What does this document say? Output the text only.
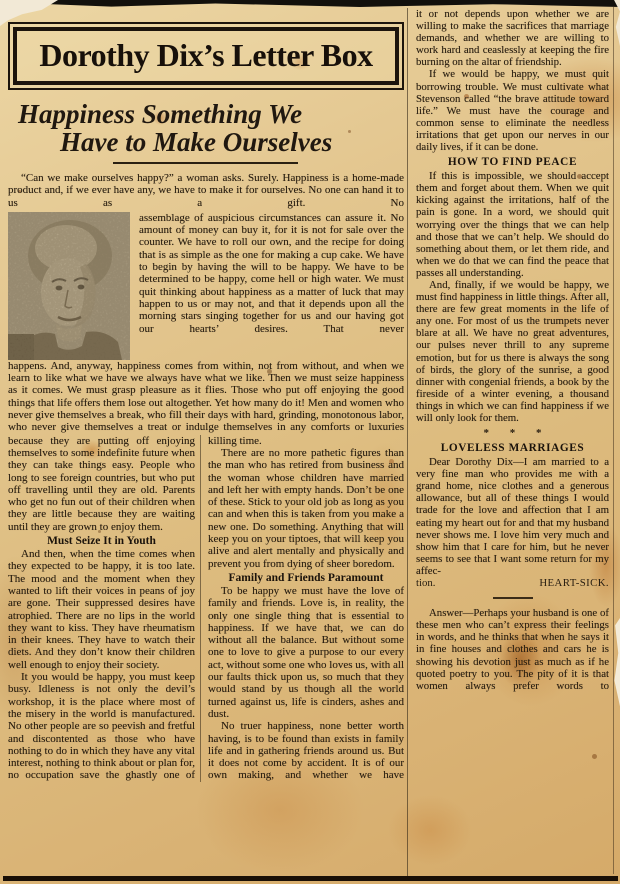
Dorothy Dix’s Letter Box
Happiness Something We
Have to Make Ourselves
“Can we make ourselves happy?” a woman asks. Surely. Happiness is a home-made product and, if we ever have any, we have to make it for ourselves. No one can hand it to us as a gift. No
assemblage of auspicious circumstances can assure it. No amount of money can buy it, for it is not for sale over the counter. We have to roll our own, and the recipe for doing that is as simple as the one for making a cup cake. We have to begin by having the will to be happy. We have to be determined to be happy, come hell or high water. We must quit thinking about happiness as a matter of luck that may happen to us or may not, and that it depends upon all the morning stars singing together for us and our having got our hearts’ desires. That never
happens. And, anyway, happiness comes from within, not from without, and when we learn to like what we have we always have what we like. Then we must seize happiness as it comes. We must grasp pleasure as it flies. Those who put off enjoying the good things that life offers them lose out altogether. Yet how many do it! Men and women who never give themselves a break, who fill their days with hard, grinding, monotonous labor, who never give themselves a treat or indulge themselves in any comforts or luxuries
because they are putting off enjoying themselves to some indefinite future when they can take things easy. People who long to see foreign countries, but who put off travelling until they are old. Parents who get no fun out of their children when they are little because they are waiting until they are grown to enjoy them.
Must Seize It in Youth
And then, when the time comes when they expected to be happy, it is too late. The mood and the moment when they wanted to lift their voices in peans of joy are gone. Their suppressed desires have atrophied. There are no lips in the world they want to kiss. They have rheumatism in their knees. They have to watch their diets. And they don’t know their children well enough to enjoy their society.
It you would be happy, you must keep busy. Idleness is not only the devil’s workshop, it is the place where most of the misery in the world is manufactured. No other people are so peevish and fretful and discontented as those who have nothing to do in which they have any vital interest, nothing to think about or plan for, no occupation save the ghastly one of
killing time.
There are no more pathetic figures than the man who has retired from business and the woman whose children have married and left her with empty hands. Don’t be one of these. Stick to your old job as long as you can and when this is taken from you make a new one. Do something. Anything that will keep you on your tiptoes, that will keep you alive and alert mentally and physically and prevent you from dying of sheer boredom.
Family and Friends Paramount
To be happy we must have the love of family and friends. Love is, in reality, the only one single thing that is essential to happiness. If we have that, we can do without all the balance. But without some one to love to give a purpose to our every act, without some one who loves us, with all our faults thick upon us, so much that they would stand by us though all the world turned against us, life is cinders, ashes and dust.
No truer happiness, none better worth having, is to be found than exists in family life and in gathering friends around us. But it does not come by accident. It is of our own making, and whether we have
it or not depends upon whether we are willing to make the sacrifices that marriage demands, and whether we are willing to work hard and ceaslessly at keeping the fire burning on the altar of friendship.
If we would be happy, we must quit borrowing trouble. We must cultivate what Stevenson called “the brave attitude toward life.” We must have the courage and common sense to eliminate the needless irritations that get upon our nerves in our daily lives, if it can be done.
HOW TO FIND PEACE
If this is impossible, we should accept them and forget about them. When we quit kicking against the irritations, half of the pain is gone. In a word, we should quit worrying over the things that we can help and those that we can’t help. We should do something about them, or let them ride, and when we do that we can find the peace that passes all understanding.
And, finally, if we would be happy, we must find happiness in little things. After all, there are few great moments in the life of any one. For most of us the trumpets never blare at all. We have no great adventures, our pulses never thrill to any supreme emotion, but for us there is always the song of birds, the glory of the sunrise, a good dinner with congenial friends, a book by the fireside of a winter evening, a thousand things in which we can find happiness if we will only look for them.
* * *
LOVELESS MARRIAGES
Dear Dorothy Dix—I am married to a very fine man who provides me with a grand home, nice clothes and a generous allowance, but all of these things I would trade for the love and affection that I am eating my heart out for and that my husband never shows me. I love him very much and show him that I care for him, but he never seems to see that I want some return for my affec-
tion.	HEART-SICK.
Answer—Perhaps your husband is one of these men who can’t express their feelings in words, and he thinks that when he says it in fine houses and clothes and cars he is showing his devotion just as much as if he quoted poetry to you. The pity of it is that women always prefer words to
